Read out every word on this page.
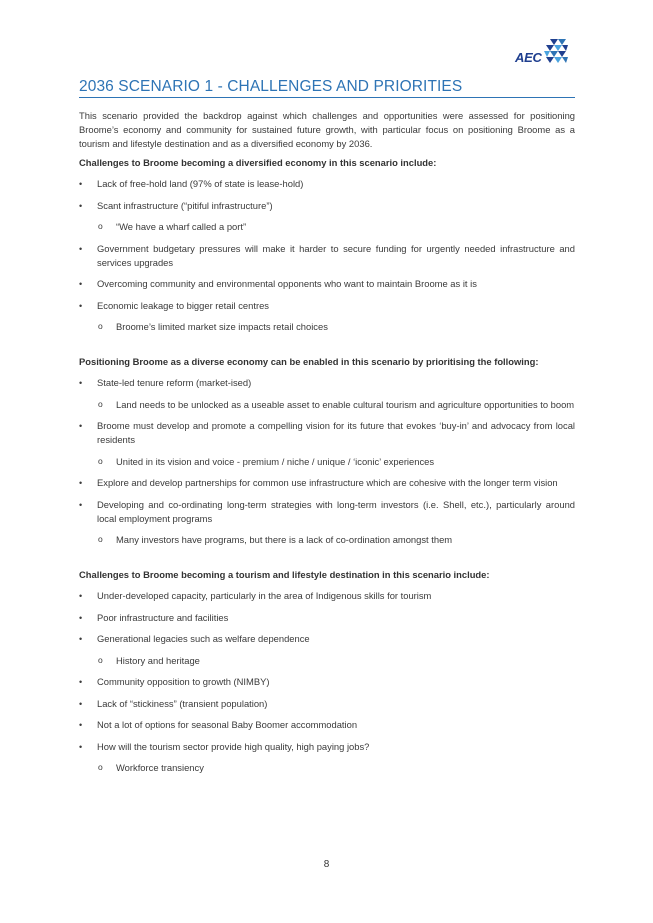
AEC
2036 SCENARIO 1 - CHALLENGES AND PRIORITIES

This scenario provided the backdrop against which challenges and opportunities were assessed for positioning Broome’s economy and community for sustained future growth, with particular focus on positioning Broome as a tourism and lifestyle destination and as a diversified economy by 2036.

Challenges to Broome becoming a diversified economy in this scenario include:
• Lack of free-hold land (97% of state is lease-hold)
• Scant infrastructure (“pitiful infrastructure”)
o “We have a wharf called a port”
• Government budgetary pressures will make it harder to secure funding for urgently needed infrastructure and services upgrades
• Overcoming community and environmental opponents who want to maintain Broome as it is
• Economic leakage to bigger retail centres
o Broome’s limited market size impacts retail choices
Positioning Broome as a diverse economy can be enabled in this scenario by prioritising the following:
• State-led tenure reform (market-ised)
o Land needs to be unlocked as a useable asset to enable cultural tourism and agriculture opportunities to boom
• Broome must develop and promote a compelling vision for its future that evokes ‘buy-in’ and advocacy from local residents
o United in its vision and voice - premium / niche / unique / ‘iconic’ experiences
• Explore and develop partnerships for common use infrastructure which are cohesive with the longer term vision
• Developing and co-ordinating long-term strategies with long-term investors (i.e. Shell, etc.), particularly around local employment programs
o Many investors have programs, but there is a lack of co-ordination amongst them
Challenges to Broome becoming a tourism and lifestyle destination in this scenario include:
• Under-developed capacity, particularly in the area of Indigenous skills for tourism
• Poor infrastructure and facilities
• Generational legacies such as welfare dependence
o History and heritage
• Community opposition to growth (NIMBY)
• Lack of “stickiness” (transient population)
• Not a lot of options for seasonal Baby Boomer accommodation
• How will the tourism sector provide high quality, high paying jobs?
o Workforce transiency
8
